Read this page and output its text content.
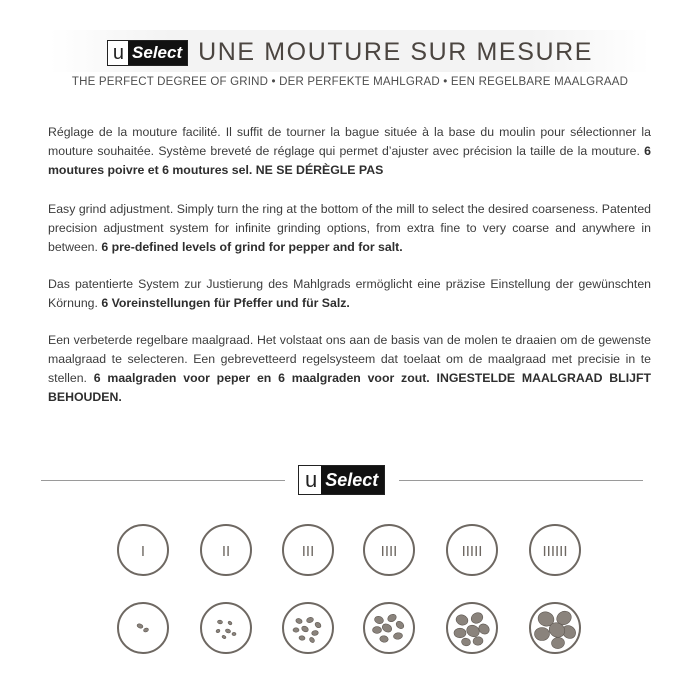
u Select UNE MOUTURE SUR MESURE
THE PERFECT DEGREE OF GRIND • DER PERFEKTE MAHLGRAD • EEN REGELBARE MAALGRAAD

Réglage de la mouture facilité. Il suffit de tourner la bague située à la base du moulin pour sélectionner la mouture souhaitée. Système breveté de réglage qui permet d’ajuster avec précision la taille de la mouture. 6 moutures poivre et 6 moutures sel. NE SE DÉRÈGLE PAS

Easy grind adjustment. Simply turn the ring at the bottom of the mill to select the desired coarseness. Patented precision adjustment system for infinite grinding options, from extra fine to very coarse and anywhere in between. 6 pre-defined levels of grind for pepper and for salt.

Das patentierte System zur Justierung des Mahlgrads ermöglicht eine präzise Einstellung der gewünschten Körnung. 6 Voreinstellungen für Pfeffer und für Salz.

Een verbeterde regelbare maalgraad. Het volstaat ons aan de basis van de molen te draaien om de gewenste maalgraad te selecteren. Een gebrevetteerd regelsysteem dat toelaat om de maalgraad met precisie in te stellen. 6 maalgraden voor peper en 6 maalgraden voor zout. INGESTELDE MAALGRAAD BLIJFT BEHOUDEN.

u Select
I	II	III	IIII	IIIII	IIIIII
